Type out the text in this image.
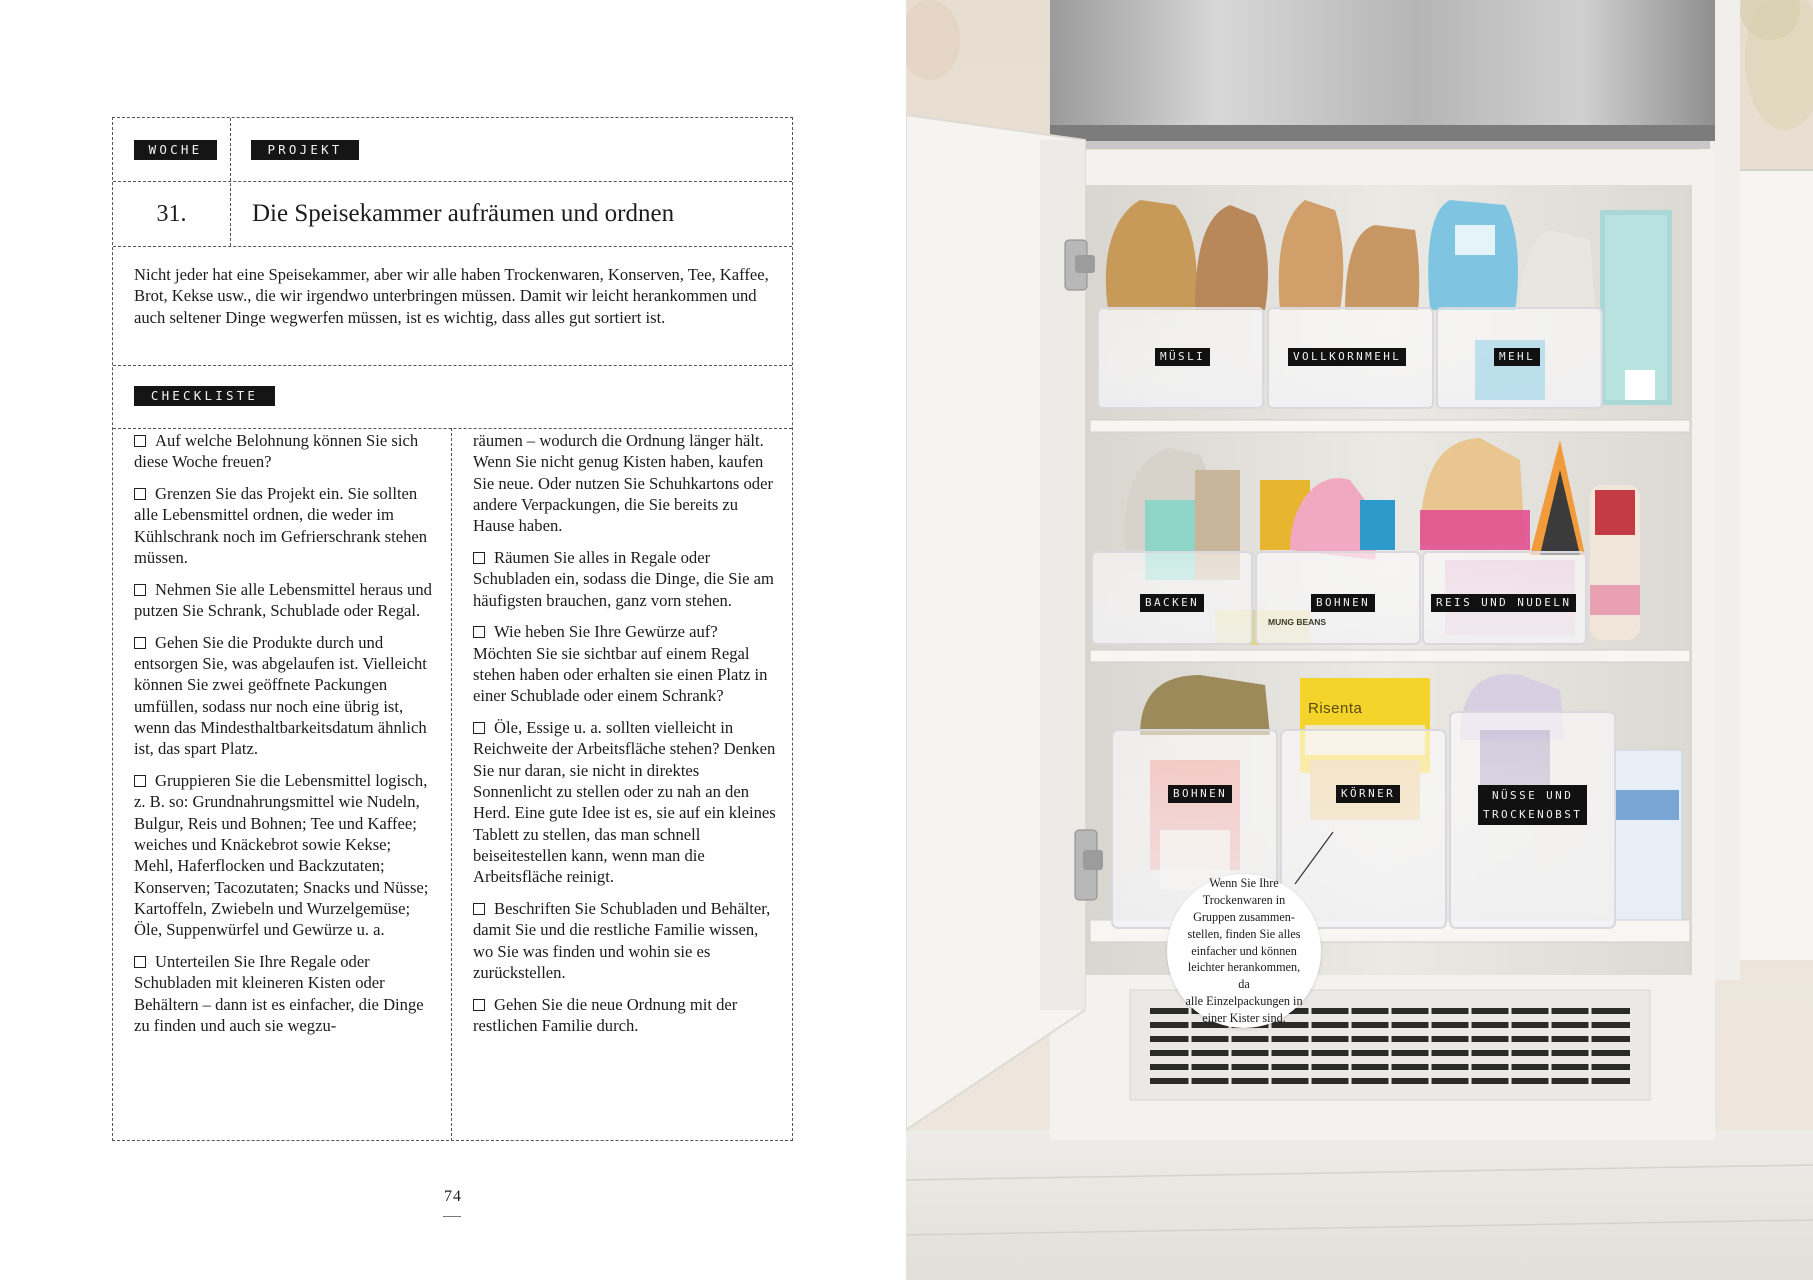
WOCHE	PROJEKT
31.	Die Speisekammer aufräumen und ordnen

Nicht jeder hat eine Speisekammer, aber wir alle haben Trockenwaren, Konserven, Tee, Kaffee, Brot, Kekse usw., die wir irgendwo unterbringen müssen. Damit wir leicht herankommen und auch seltener Dinge wegwerfen müssen, ist es wichtig, dass alles gut sortiert ist.

CHECKLISTE

Auf welche Belohnung können Sie sich diese Woche freuen?

Grenzen Sie das Projekt ein. Sie sollten alle Lebensmittel ordnen, die weder im Kühlschrank noch im Gefrierschrank stehen müssen.

Nehmen Sie alle Lebensmittel heraus und putzen Sie Schrank, Schublade oder Regal.

Gehen Sie die Produkte durch und entsorgen Sie, was abgelaufen ist. Vielleicht können Sie zwei geöffnete Packungen umfüllen, sodass nur noch eine übrig ist, wenn das Mindesthaltbarkeitsdatum ähnlich ist, das spart Platz.

Gruppieren Sie die Lebensmittel logisch, z. B. so: Grundnahrungsmittel wie Nudeln, Bulgur, Reis und Bohnen; Tee und Kaffee; weiches und Knäckebrot sowie Kekse; Mehl, Haferflocken und Backzutaten; Konserven; Tacozutaten; Snacks und Nüsse; Kartoffeln, Zwiebeln und Wurzelgemüse; Öle, Suppenwürfel und Gewürze u. a.

Unterteilen Sie Ihre Regale oder Schubladen mit kleineren Kisten oder Behältern – dann ist es einfacher, die Dinge zu finden und auch sie wegzu-

räumen – wodurch die Ordnung länger hält. Wenn Sie nicht genug Kisten haben, kaufen Sie neue. Oder nutzen Sie Schuhkartons oder andere Verpackungen, die Sie bereits zu Hause haben.

Räumen Sie alles in Regale oder Schubladen ein, sodass die Dinge, die Sie am häufigsten brauchen, ganz vorn stehen.

Wie heben Sie Ihre Gewürze auf? Möchten Sie sie sichtbar auf einem Regal stehen haben oder erhalten sie einen Platz in einer Schublade oder einem Schrank?

Öle, Essige u. a. sollten vielleicht in Reichweite der Arbeitsfläche stehen? Denken Sie nur daran, sie nicht in direktes Sonnenlicht zu stellen oder zu nah an den Herd. Eine gute Idee ist es, sie auf ein kleines Tablett zu stellen, das man schnell beiseitestellen kann, wenn man die Arbeitsfläche reinigt.

Beschriften Sie Schubladen und Behälter, damit Sie und die restliche Familie wissen, wo Sie was finden und wohin sie es zurückstellen.

Gehen Sie die neue Ordnung mit der restlichen Familie durch.

74
Risenta
MUNG BEANS
MÜSLI	VOLLKORNMEHL	MEHL
BACKEN	BOHNEN	REIS UND NUDELN
BOHNEN	KÖRNER	NÜSSE UND
TROCKENOBST
Wenn Sie Ihre
Trockenwaren in
Gruppen zusammen-
stellen, finden Sie alles
einfacher und können
leichter herankommen, da
alle Einzelpackungen in
einer Kister sind.
